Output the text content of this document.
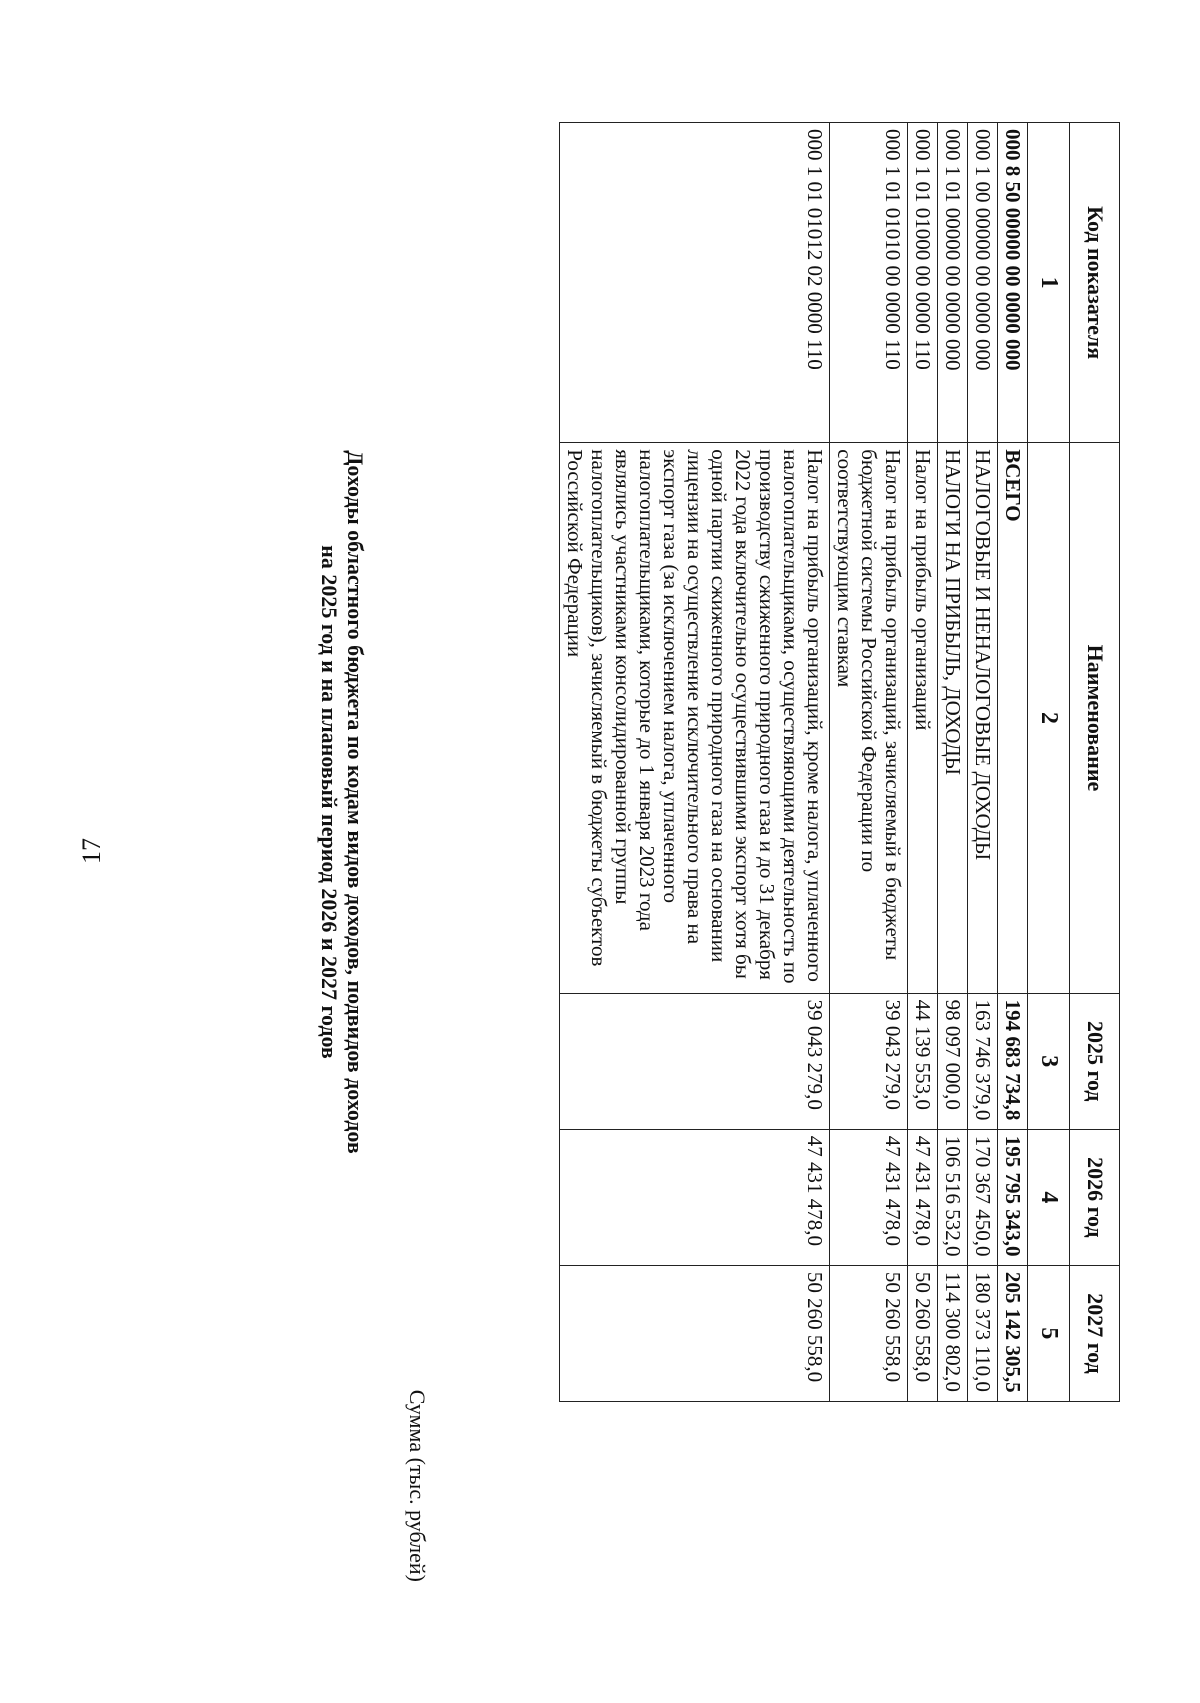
17
Код показателя	Наименование	2025 год	2026 год	2027 год
1	2	3	4	5
000 8 50 00000 00 0000 000	ВСЕГО	194 683 734,8	195 795 343,0	205 142 305,5
000 1 00 00000 00 0000 000	НАЛОГОВЫЕ И НЕНАЛОГОВЫЕ ДОХОДЫ	163 746 379,0	170 367 450,0	180 373 110,0
000 1 01 00000 00 0000 000	НАЛОГИ НА ПРИБЫЛЬ, ДОХОДЫ	98 097 000,0	106 516 532,0	114 300 802,0
000 1 01 01000 00 0000 110	Налог на прибыль организаций	44 139 553,0	47 431 478,0	50 260 558,0
000 1 01 01010 00 0000 110	Налог на прибыль организаций, зачисляемый в бюджеты бюджетной системы Российской Федерации по соответствующим ставкам	39 043 279,0	47 431 478,0	50 260 558,0
000 1 01 01012 02 0000 110	Налог на прибыль организаций, кроме налога, уплаченного налогоплательщиками, осуществляющими деятельность по производству сжиженного природного газа и до 31 декабря 2022 года включительно осуществившими экспорт хотя бы одной партии сжиженного природного газа на основании лицензии на осуществление исключительного права на экспорт газа (за исключением налога, уплаченного налогоплательщиками, которые до 1 января 2023 года являлись участниками консолидированной группы налогоплательщиков), зачисляемый в бюджеты субъектов Российской Федерации	39 043 279,0	47 431 478,0	50 260 558,0
Сумма (тыс. рублей)
Доходы областного бюджета по кодам видов доходов, подвидов доходов
на 2025 год и на плановый период 2026 и 2027 годов
